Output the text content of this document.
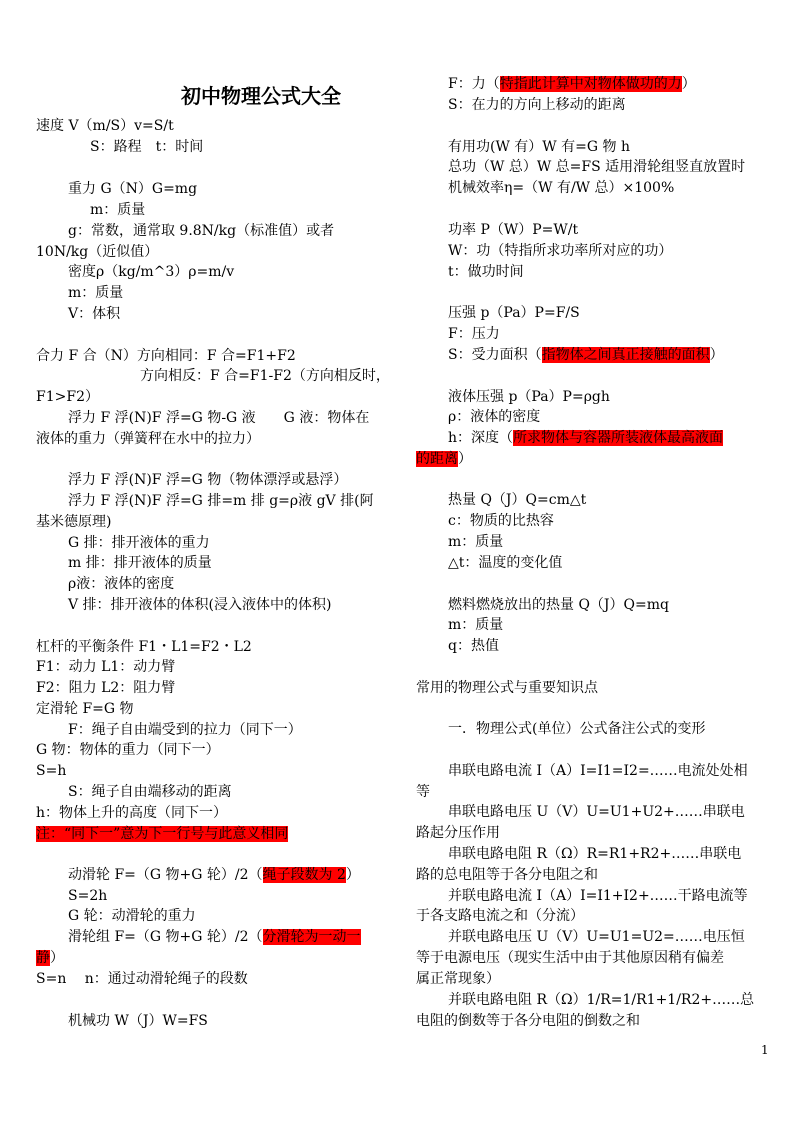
初中物理公式大全
速度 V（m/S）v=S/t
S：路程　t：时间
重力 G（N）G=mg
m：质量
g：常数，通常取 9.8N/kg（标准值）或者
10N/kg（近似值）
密度ρ（kg/m^3）ρ=m/v
m：质量
V：体积
合力 F 合（N）方向相同：F 合=F1+F2
方向相反：F 合=F1-F2（方向相反时，
F1>F2）
浮力 F 浮(N)F 浮=G 物-G 液　　G 液：物体在
液体的重力（弹簧秤在水中的拉力）
浮力 F 浮(N)F 浮=G 物（物体漂浮或悬浮）
浮力 F 浮(N)F 浮=G 排=m 排 g=ρ液 gV 排(阿
基米德原理)
G 排：排开液体的重力
m 排：排开液体的质量
ρ液：液体的密度
V 排：排开液体的体积(浸入液体中的体积)
杠杆的平衡条件 F1・L1=F2・L2
F1：动力 L1：动力臂
F2：阻力 L2：阻力臂
定滑轮 F=G 物
F：绳子自由端受到的拉力（同下一）
G 物：物体的重力（同下一）
S=h
S：绳子自由端移动的距离
h：物体上升的高度（同下一）
注：“同下一”意为下一行号与此意义相同
动滑轮 F=（G 物+G 轮）/2（绳子段数为 2）
S=2h
G 轮：动滑轮的重力
滑轮组 F=（G 物+G 轮）/2（分滑轮为一动一
静）
S=n　 n：通过动滑轮绳子的段数
机械功 W（J）W=FS
F：力（特指此计算中对物体做功的力）
S：在力的方向上移动的距离
有用功(W 有）W 有=G 物 h
总功（W 总）W 总=FS 适用滑轮组竖直放置时
机械效率η=（W 有/W 总）×100%
功率 P（W）P=W/t
W：功（特指所求功率所对应的功）
t：做功时间
压强 p（Pa）P=F/S
F：压力
S：受力面积（指物体之间真正接触的面积）
液体压强 p（Pa）P=ρgh
ρ：液体的密度
h：深度（所求物体与容器所装液体最高液面
的距离）
热量 Q（J）Q=cm△t
c：物质的比热容
m：质量
△t：温度的变化值
燃料燃烧放出的热量 Q（J）Q=mq
m：质量
q：热值
常用的物理公式与重要知识点
一．物理公式(单位）公式备注公式的变形
串联电路电流 I（A）I=I1=I2=……电流处处相
等
串联电路电压 U（V）U=U1+U2+……串联电
路起分压作用
串联电路电阻 R（Ω）R=R1+R2+……串联电
路的总电阻等于各分电阻之和
并联电路电流 I（A）I=I1+I2+……干路电流等
于各支路电流之和（分流）
并联电路电压 U（V）U=U1=U2=……电压恒
等于电源电压（现实生活中由于其他原因稍有偏差
属正常现象）
并联电路电阻 R（Ω）1/R=1/R1+1/R2+……总
电阻的倒数等于各分电阻的倒数之和
1
